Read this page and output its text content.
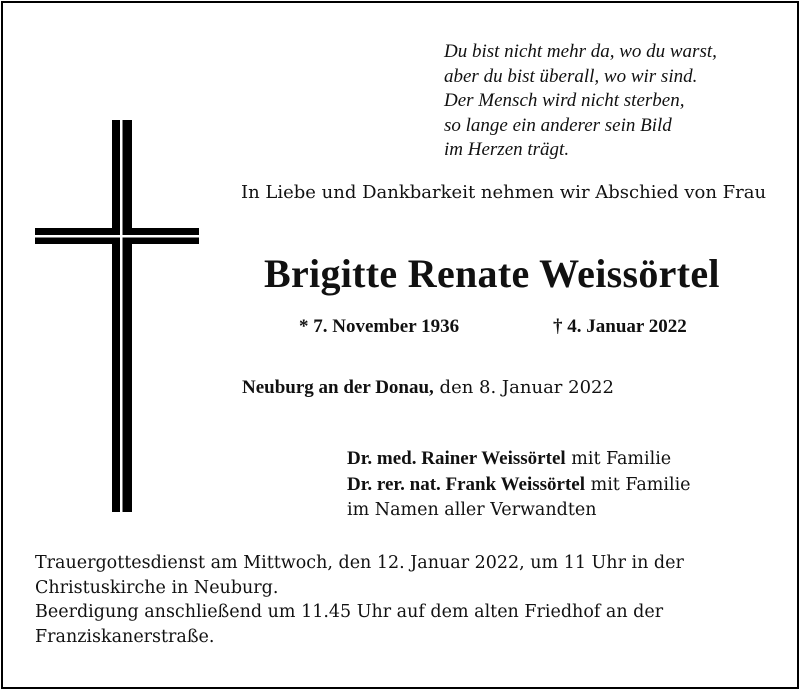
Du bist nicht mehr da, wo du warst,
aber du bist überall, wo wir sind.
Der Mensch wird nicht sterben,
so lange ein anderer sein Bild
im Herzen trägt.
In Liebe und Dankbarkeit nehmen wir Abschied von Frau
Brigitte Renate Weissörtel
* 7. November 1936	† 4. Januar 2022
Neuburg an der Donau, den 8. Januar 2022
Dr. med. Rainer Weissörtel mit Familie
Dr. rer. nat. Frank Weissörtel mit Familie
im Namen aller Verwandten
Trauergottesdienst am Mittwoch, den 12. Januar 2022, um 11 Uhr in der Christuskirche in Neuburg.
Beerdigung anschließend um 11.45 Uhr auf dem alten Friedhof an der Franziskanerstraße.
